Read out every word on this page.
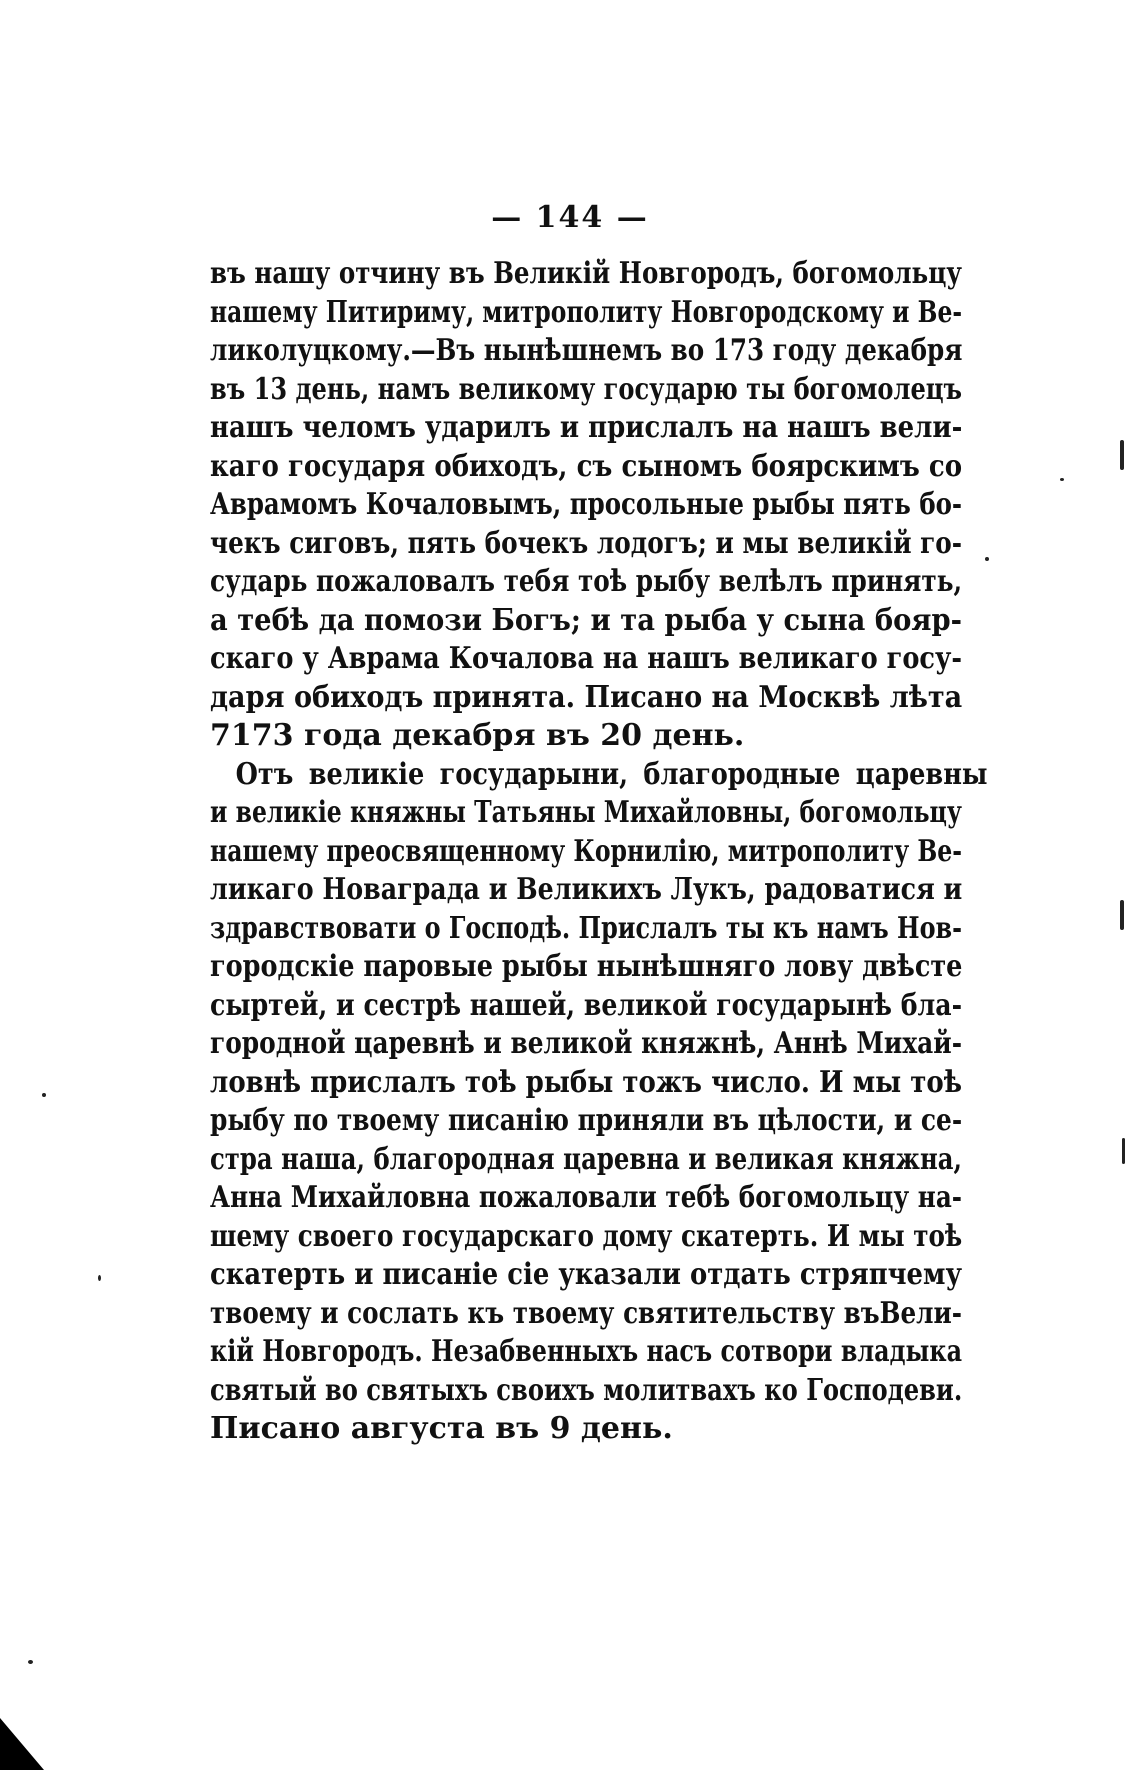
— 144 —
въ нашу отчину въ Великій Новгородъ, богомольцу
нашему Питириму, митрополиту Новгородскому и Ве-
ликолуцкому.—Въ нынѣшнемъ во 173 году декабря
въ 13 день, намъ великому государю ты богомолецъ
нашъ челомъ ударилъ и прислалъ на нашъ вели-
каго государя обиходъ, съ сыномъ боярскимъ со
Аврамомъ Кочаловымъ, просольные рыбы пять бо-
чекъ сиговъ, пять бочекъ лодогъ; и мы великій го-
сударь пожаловалъ тебя тоѣ рыбу велѣлъ принять,
а тебѣ да помози Богъ; и та рыба у сына бояр-
скаго у Аврама Кочалова на нашъ великаго госу-
даря обиходъ принята. Писано на Москвѣ лѣта
7173 года декабря въ 20 день.
Отъ великіе государыни, благородные царевны
и великіе княжны Татьяны Михайловны, богомольцу
нашему преосвященному Корнилію, митрополиту Ве-
ликаго Новаграда и Великихъ Лукъ, радоватися и
здравствовати о Господѣ. Прислалъ ты къ намъ Нов-
городскіе паровые рыбы нынѣшняго лову двѣсте
сыртей, и сестрѣ нашей, великой государынѣ бла-
городной царевнѣ и великой княжнѣ, Аннѣ Михай-
ловнѣ прислалъ тоѣ рыбы тожъ число. И мы тоѣ
рыбу по твоему писанію приняли въ цѣлости, и се-
стра наша, благородная царевна и великая княжна,
Анна Михайловна пожаловали тебѣ богомольцу на-
шему своего государскаго дому скатерть. И мы тоѣ
скатерть и писаніе сіе указали отдать стряпчему
твоему и сослать къ твоему святительству въВели-
кій Новгородъ. Незабвенныхъ насъ сотвори владыка
святый во святыхъ своихъ молитвахъ ко Господеви.
Писано августа въ 9 день.
